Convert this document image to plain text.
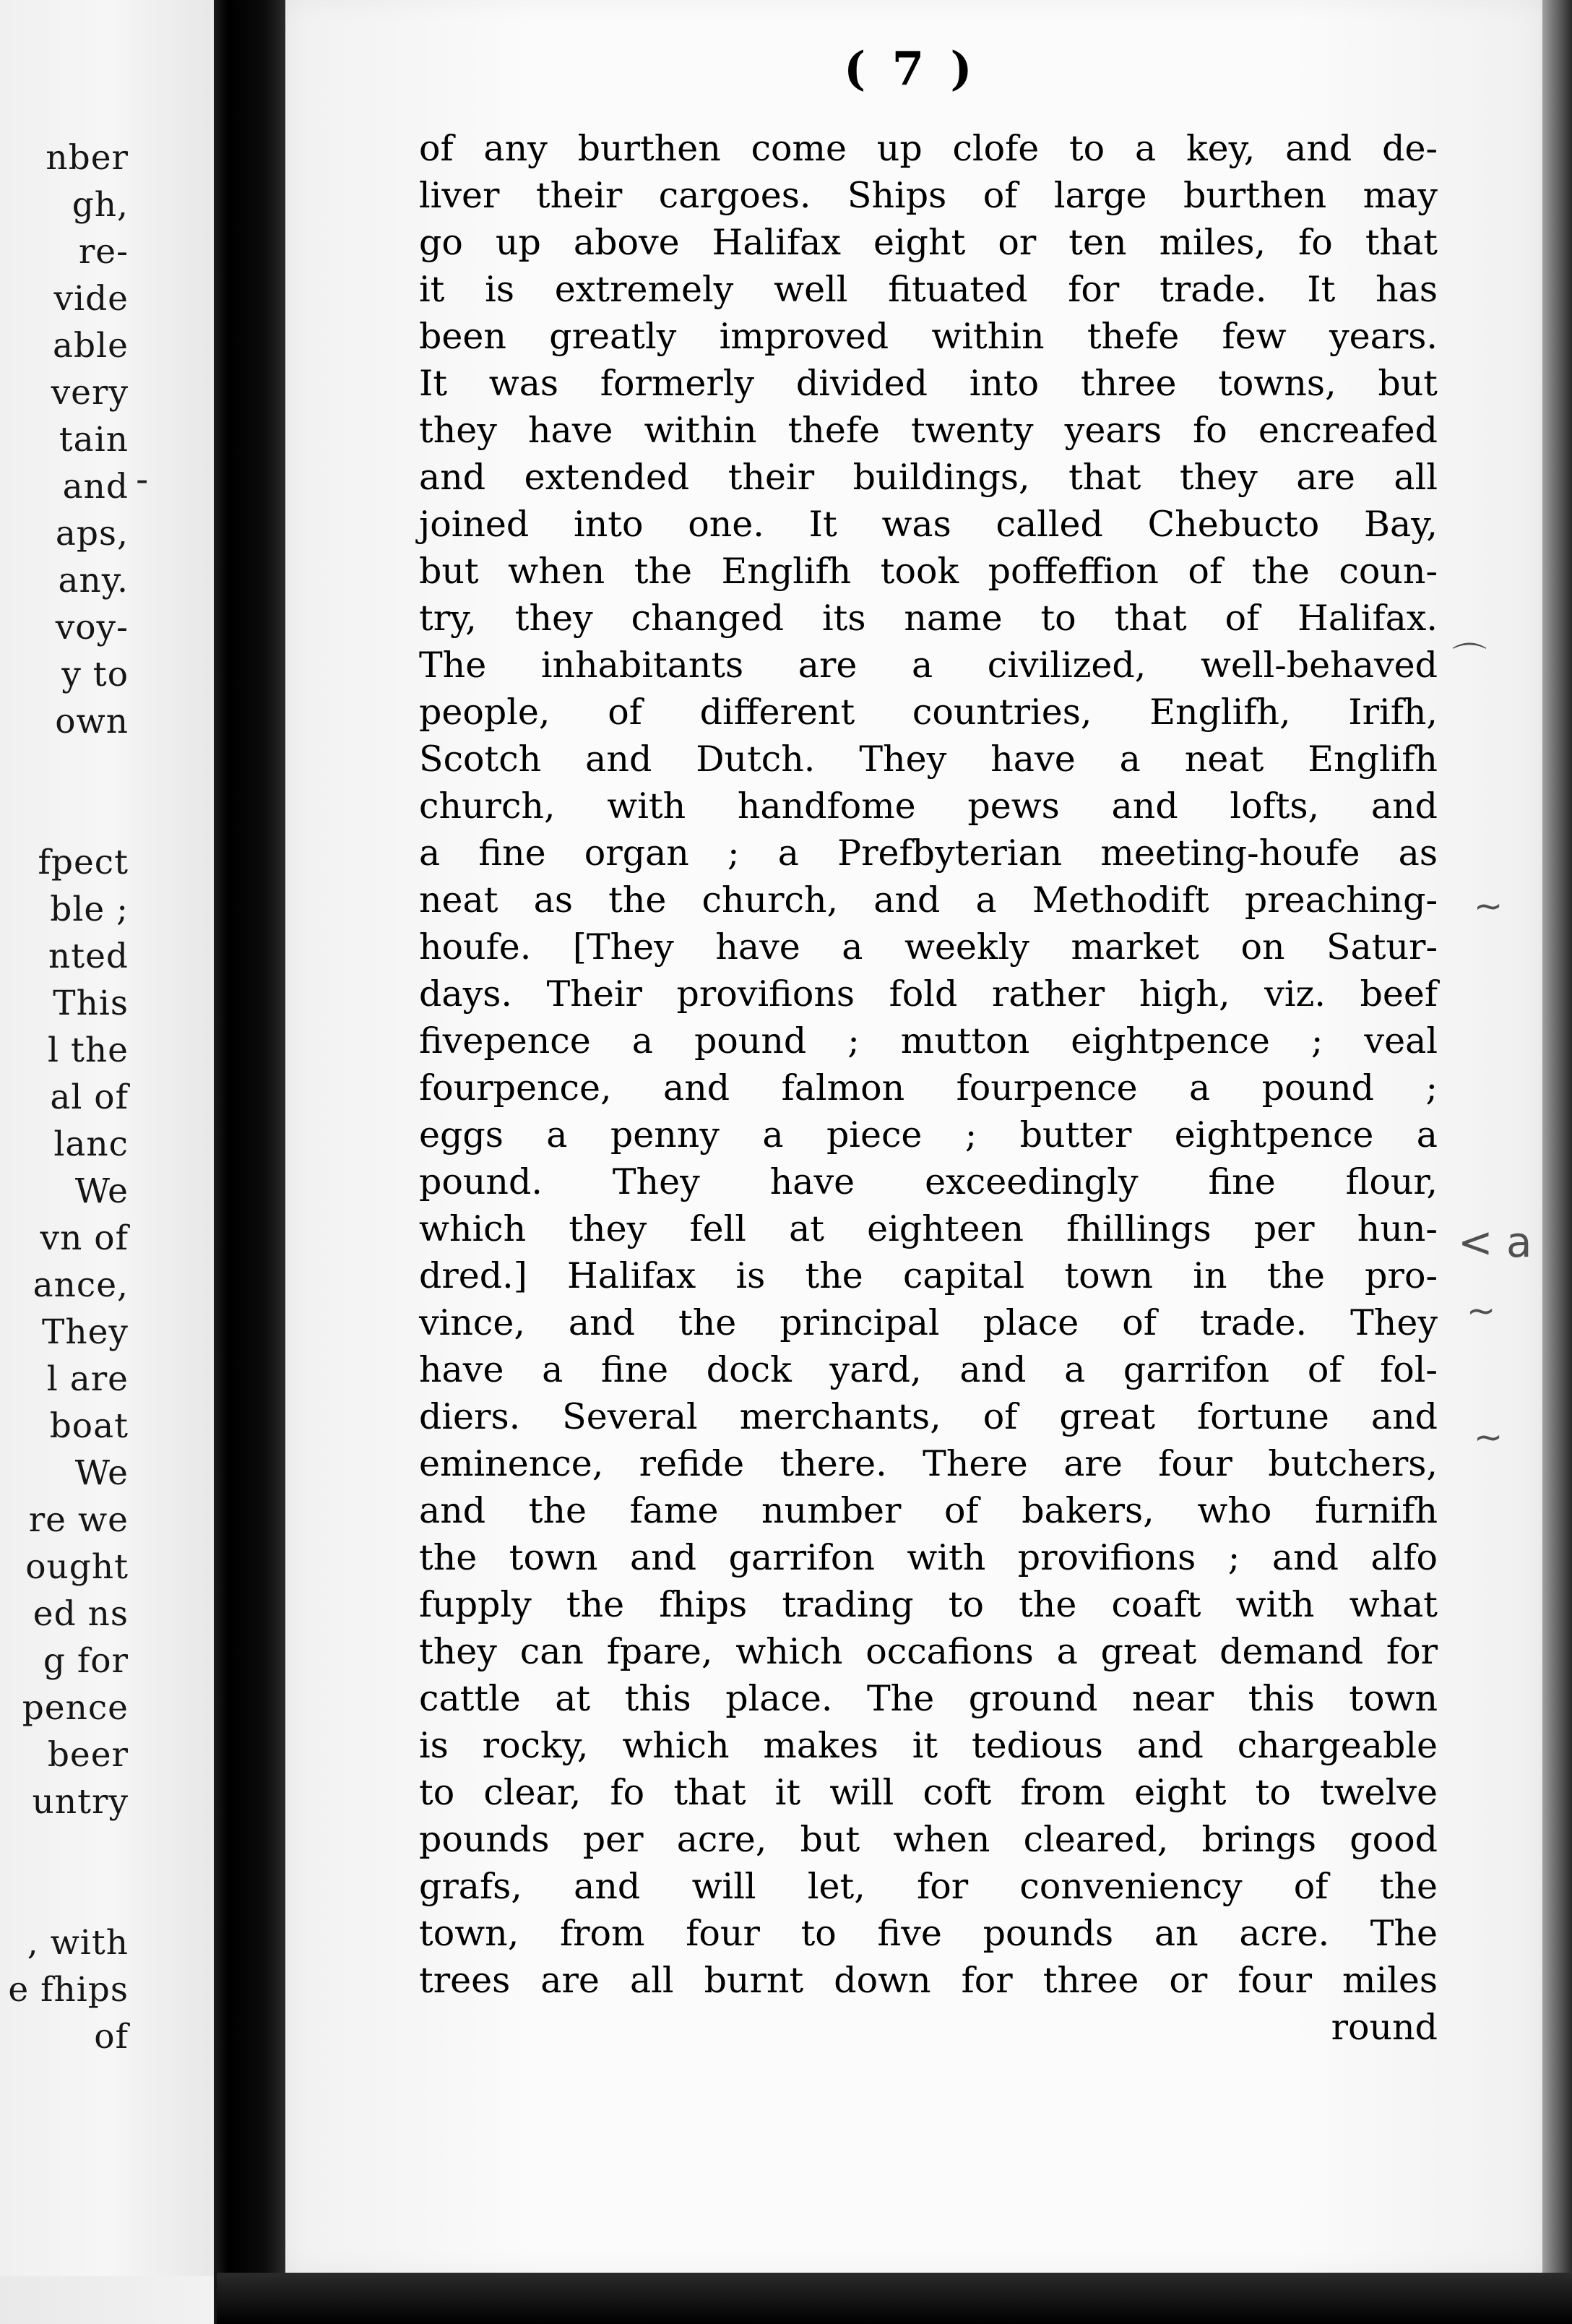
nber
gh,
re-
vide
able
very
tain
and
aps,
any.
voy-
y to
own
fpect
ble ;
nted
This
l the
al of
lanc
We
vn of
ance,
They
l are
boat
We
re we
ought
ed ns
g for
pence
beer
untry
, with
e fhips
of
( 7 )
of any burthen come up clofe to a key, and de-
liver their cargoes. Ships of large burthen may
go up above Halifax eight or ten miles, fo that
it is extremely well fituated for trade. It has
been greatly improved within thefe few years.
It was formerly divided into three towns, but
they have within thefe twenty years fo encreafed
and extended their buildings, that they are all
joined into one. It was called Chebucto Bay,
but when the Englifh took poffeffion of the coun-
try, they changed its name to that of Halifax.
The inhabitants are a civilized, well-behaved
people, of different countries, Englifh, Irifh,
Scotch and Dutch. They have a neat Englifh
church, with handfome pews and lofts, and
a fine organ ; a Prefbyterian meeting-houfe as
neat as the church, and a Methodift preaching-
houfe. [They have a weekly market on Satur-
days. Their provifions fold rather high, viz. beef
fivepence a pound ; mutton eightpence ; veal
fourpence, and falmon fourpence a pound ;
eggs a penny a piece ; butter eightpence a
pound. They have exceedingly fine flour,
which they fell at eighteen fhillings per hun-
dred.] Halifax is the capital town in the pro-
vince, and the principal place of trade. They
have a fine dock yard, and a garrifon of fol-
diers. Several merchants, of great fortune and
eminence, refide there. There are four butchers,
and the fame number of bakers, who furnifh
the town and garrifon with provifions ; and alfo
fupply the fhips trading to the coaft with what
they can fpare, which occafions a great demand for
cattle at this place. The ground near this town
is rocky, which makes it tedious and chargeable
to clear, fo that it will coft from eight to twelve
pounds per acre, but when cleared, brings good
grafs, and will let, for conveniency of the
town, from four to five pounds an acre. The
trees are all burnt down for three or four miles
round
⌒
~
< a
~
~
-
